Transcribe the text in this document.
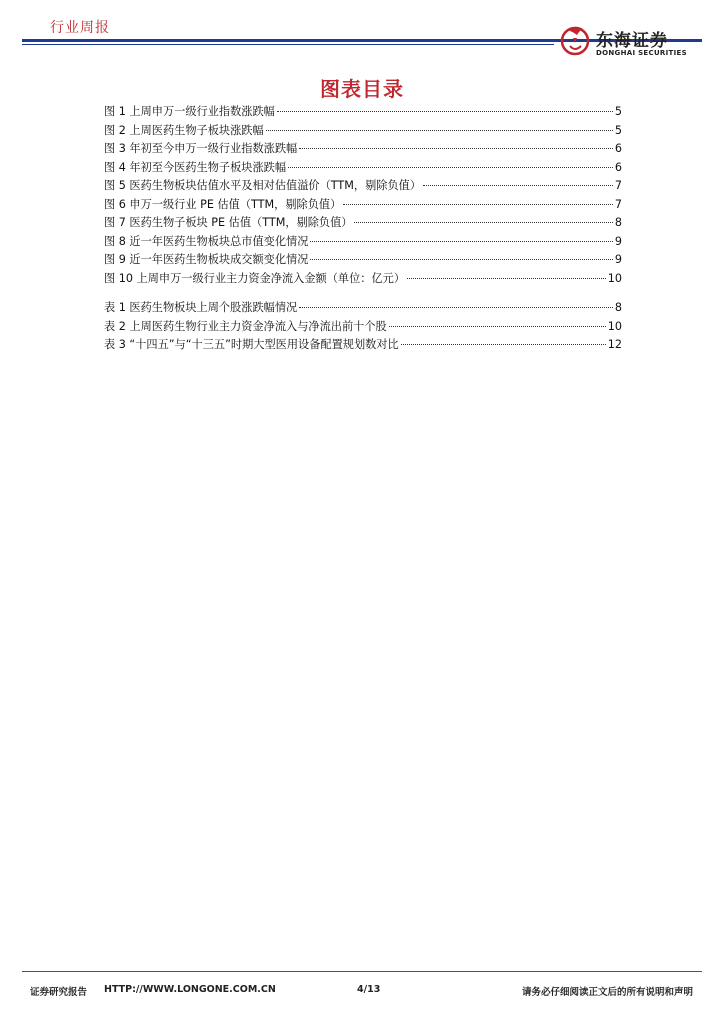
行业周报
东海证券
DONGHAI SECURITIES
图表目录
图 1 上周申万一级行业指数涨跌幅	5
图 2 上周医药生物子板块涨跌幅	5
图 3 年初至今申万一级行业指数涨跌幅	6
图 4 年初至今医药生物子板块涨跌幅	6
图 5 医药生物板块估值水平及相对估值溢价（TTM，剔除负值）	7
图 6 申万一级行业 PE 估值（TTM，剔除负值）	7
图 7 医药生物子板块 PE 估值（TTM，剔除负值）	8
图 8 近一年医药生物板块总市值变化情况	9
图 9 近一年医药生物板块成交额变化情况	9
图 10 上周申万一级行业主力资金净流入金额（单位：亿元）	10
表 1 医药生物板块上周个股涨跌幅情况	8
表 2 上周医药生物行业主力资金净流入与净流出前十个股	10
表 3 “十四五”与“十三五”时期大型医用设备配置规划数对比	12
证券研究报告 HTTP://WWW.LONGONE.COM.CN	4/13	请务必仔细阅读正文后的所有说明和声明
